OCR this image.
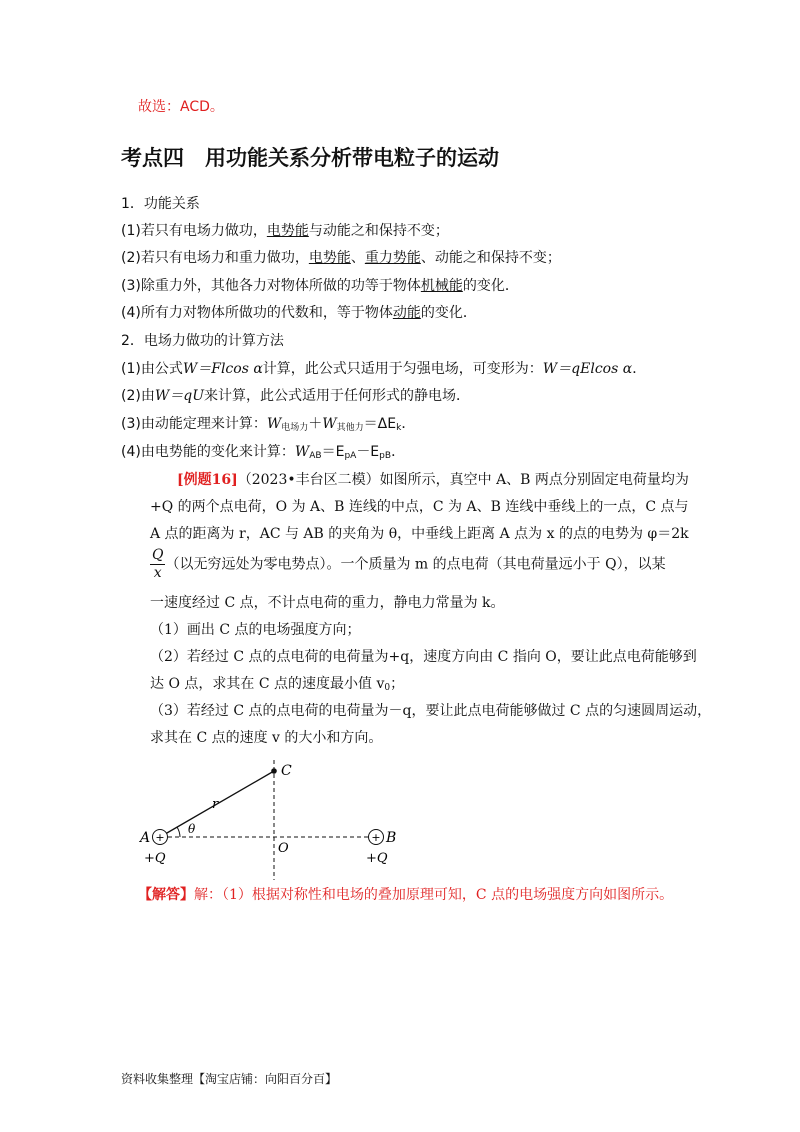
故选：ACD。
考点四　用功能关系分析带电粒子的运动
1．功能关系
(1)若只有电场力做功，电势能与动能之和保持不变；
(2)若只有电场力和重力做功，电势能、重力势能、动能之和保持不变；
(3)除重力外，其他各力对物体所做的功等于物体机械能的变化．
(4)所有力对物体所做功的代数和，等于物体动能的变化．
2．电场力做功的计算方法
(1)由公式W＝Flcos α计算，此公式只适用于匀强电场，可变形为：W＝qElcos α．
(2)由W＝qU来计算，此公式适用于任何形式的静电场．
(3)由动能定理来计算：$W_{电场力}+W_{其他力}=\Delta E_k$．
(4)由电势能的变化来计算：$W_{AB}=E_{pA}-E_{pB}$．
[例题16]（2023•丰台区二模）如图所示，真空中 A、B 两点分别固定电荷量均为
+Q 的两个点电荷，O 为 A、B 连线的中点，C 为 A、B 连线中垂线上的一点，C 点与
A 点的距离为 r，AC 与 AB 的夹角为 θ，中垂线上距离 A 点为 x 的点的电势为 φ＝2k
$\frac{Q}{x}$ （以无穷远处为零电势点）。一个质量为 m 的点电荷（其电荷量远小于 Q），以某
一速度经过 C 点，不计点电荷的重力，静电力常量为 k。
（1）画出 C 点的电场强度方向；
（2）若经过 C 点的点电荷的电荷量为+q，速度方向由 C 指向 O，要让此点电荷能够到
达 O 点，求其在 C 点的速度最小值 $v_0$；
（3）若经过 C 点的点电荷的电荷量为－q，要让此点电荷能够做过 C 点的匀速圆周运动，
求其在 C 点的速度 v 的大小和方向。
+	+
C
r
θ
A
O
B
+Q	+Q
【解答】解：（1）根据对称性和电场的叠加原理可知，C 点的电场强度方向如图所示。
资料收集整理【淘宝店铺：向阳百分百】
